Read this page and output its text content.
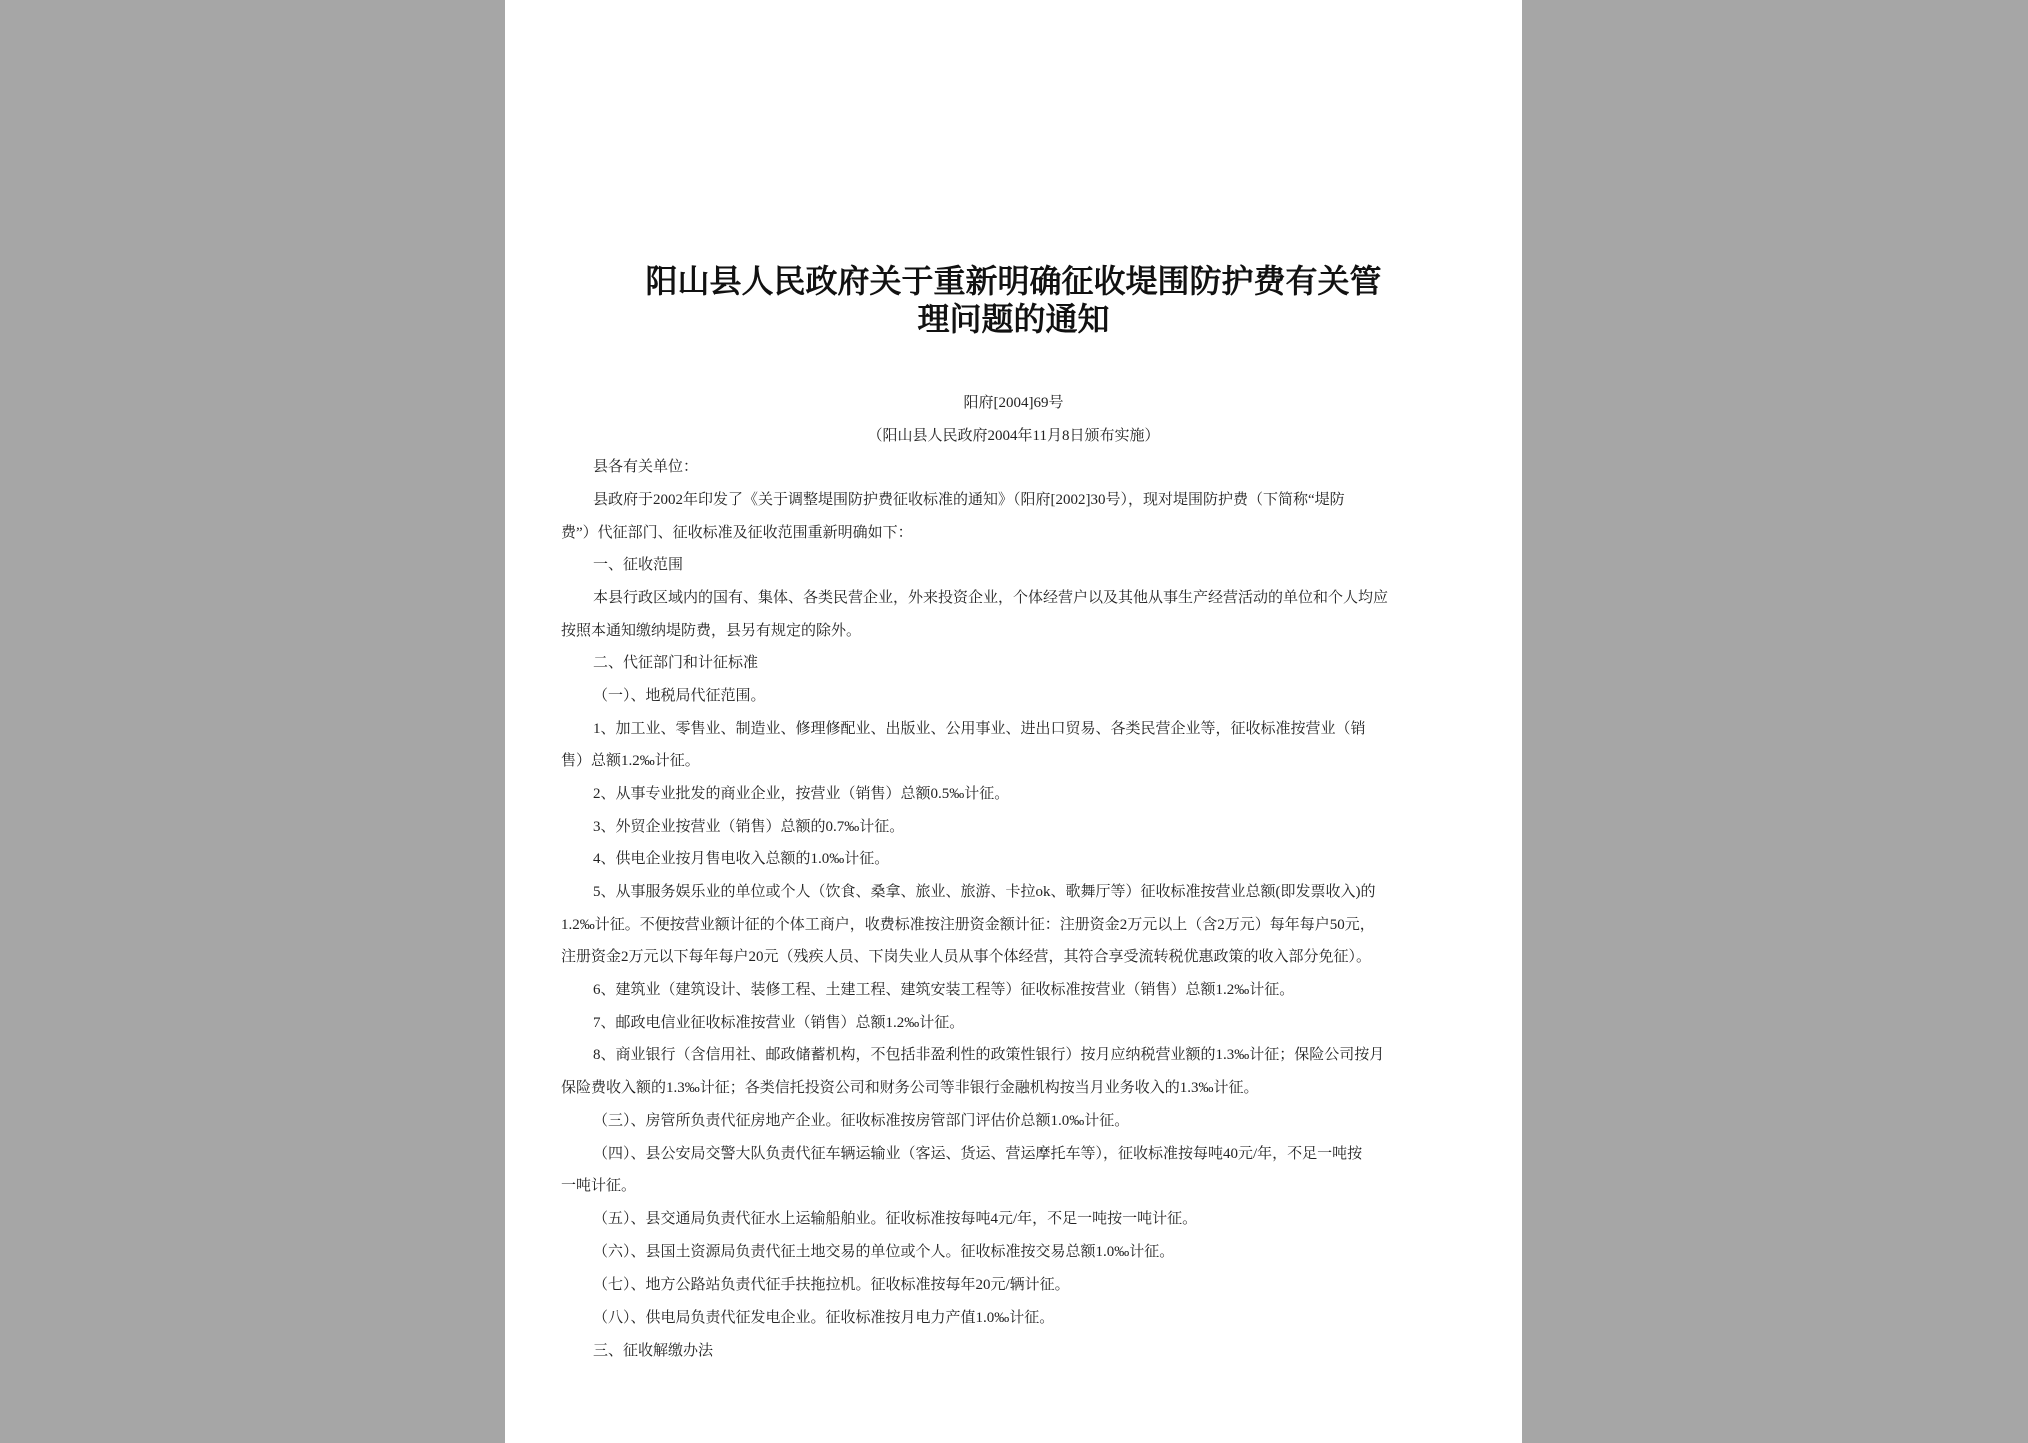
阳山县人民政府关于重新明确征收堤围防护费有关管
理问题的通知
阳府[2004]69号
（阳山县人民政府2004年11月8日颁布实施）
县各有关单位：
县政府于2002年印发了《关于调整堤围防护费征收标准的通知》（阳府[2002]30号），现对堤围防护费（下简称“堤防
费”）代征部门、征收标准及征收范围重新明确如下：
一、征收范围
本县行政区域内的国有、集体、各类民营企业，外来投资企业，个体经营户以及其他从事生产经营活动的单位和个人均应
按照本通知缴纳堤防费，县另有规定的除外。
二、代征部门和计征标准
（一）、地税局代征范围。
1、加工业、零售业、制造业、修理修配业、出版业、公用事业、进出口贸易、各类民营企业等，征收标准按营业（销
售）总额1.2‰计征。
2、从事专业批发的商业企业，按营业（销售）总额0.5‰计征。
3、外贸企业按营业（销售）总额的0.7‰计征。
4、供电企业按月售电收入总额的1.0‰计征。
5、从事服务娱乐业的单位或个人（饮食、桑拿、旅业、旅游、卡拉ok、歌舞厅等）征收标准按营业总额(即发票收入)的
1.2‰计征。不便按营业额计征的个体工商户，收费标准按注册资金额计征：注册资金2万元以上（含2万元）每年每户50元，
注册资金2万元以下每年每户20元（残疾人员、下岗失业人员从事个体经营，其符合享受流转税优惠政策的收入部分免征）。
6、建筑业（建筑设计、装修工程、土建工程、建筑安装工程等）征收标准按营业（销售）总额1.2‰计征。
7、邮政电信业征收标准按营业（销售）总额1.2‰计征。
8、商业银行（含信用社、邮政储蓄机构，不包括非盈利性的政策性银行）按月应纳税营业额的1.3‰计征；保险公司按月
保险费收入额的1.3‰计征；各类信托投资公司和财务公司等非银行金融机构按当月业务收入的1.3‰计征。
（三）、房管所负责代征房地产企业。征收标准按房管部门评估价总额1.0‰计征。
（四）、县公安局交警大队负责代征车辆运输业（客运、货运、营运摩托车等），征收标准按每吨40元/年，不足一吨按
一吨计征。
（五）、县交通局负责代征水上运输船舶业。征收标准按每吨4元/年，不足一吨按一吨计征。
（六）、县国土资源局负责代征土地交易的单位或个人。征收标准按交易总额1.0‰计征。
（七）、地方公路站负责代征手扶拖拉机。征收标准按每年20元/辆计征。
（八）、供电局负责代征发电企业。征收标准按月电力产值1.0‰计征。
三、征收解缴办法
